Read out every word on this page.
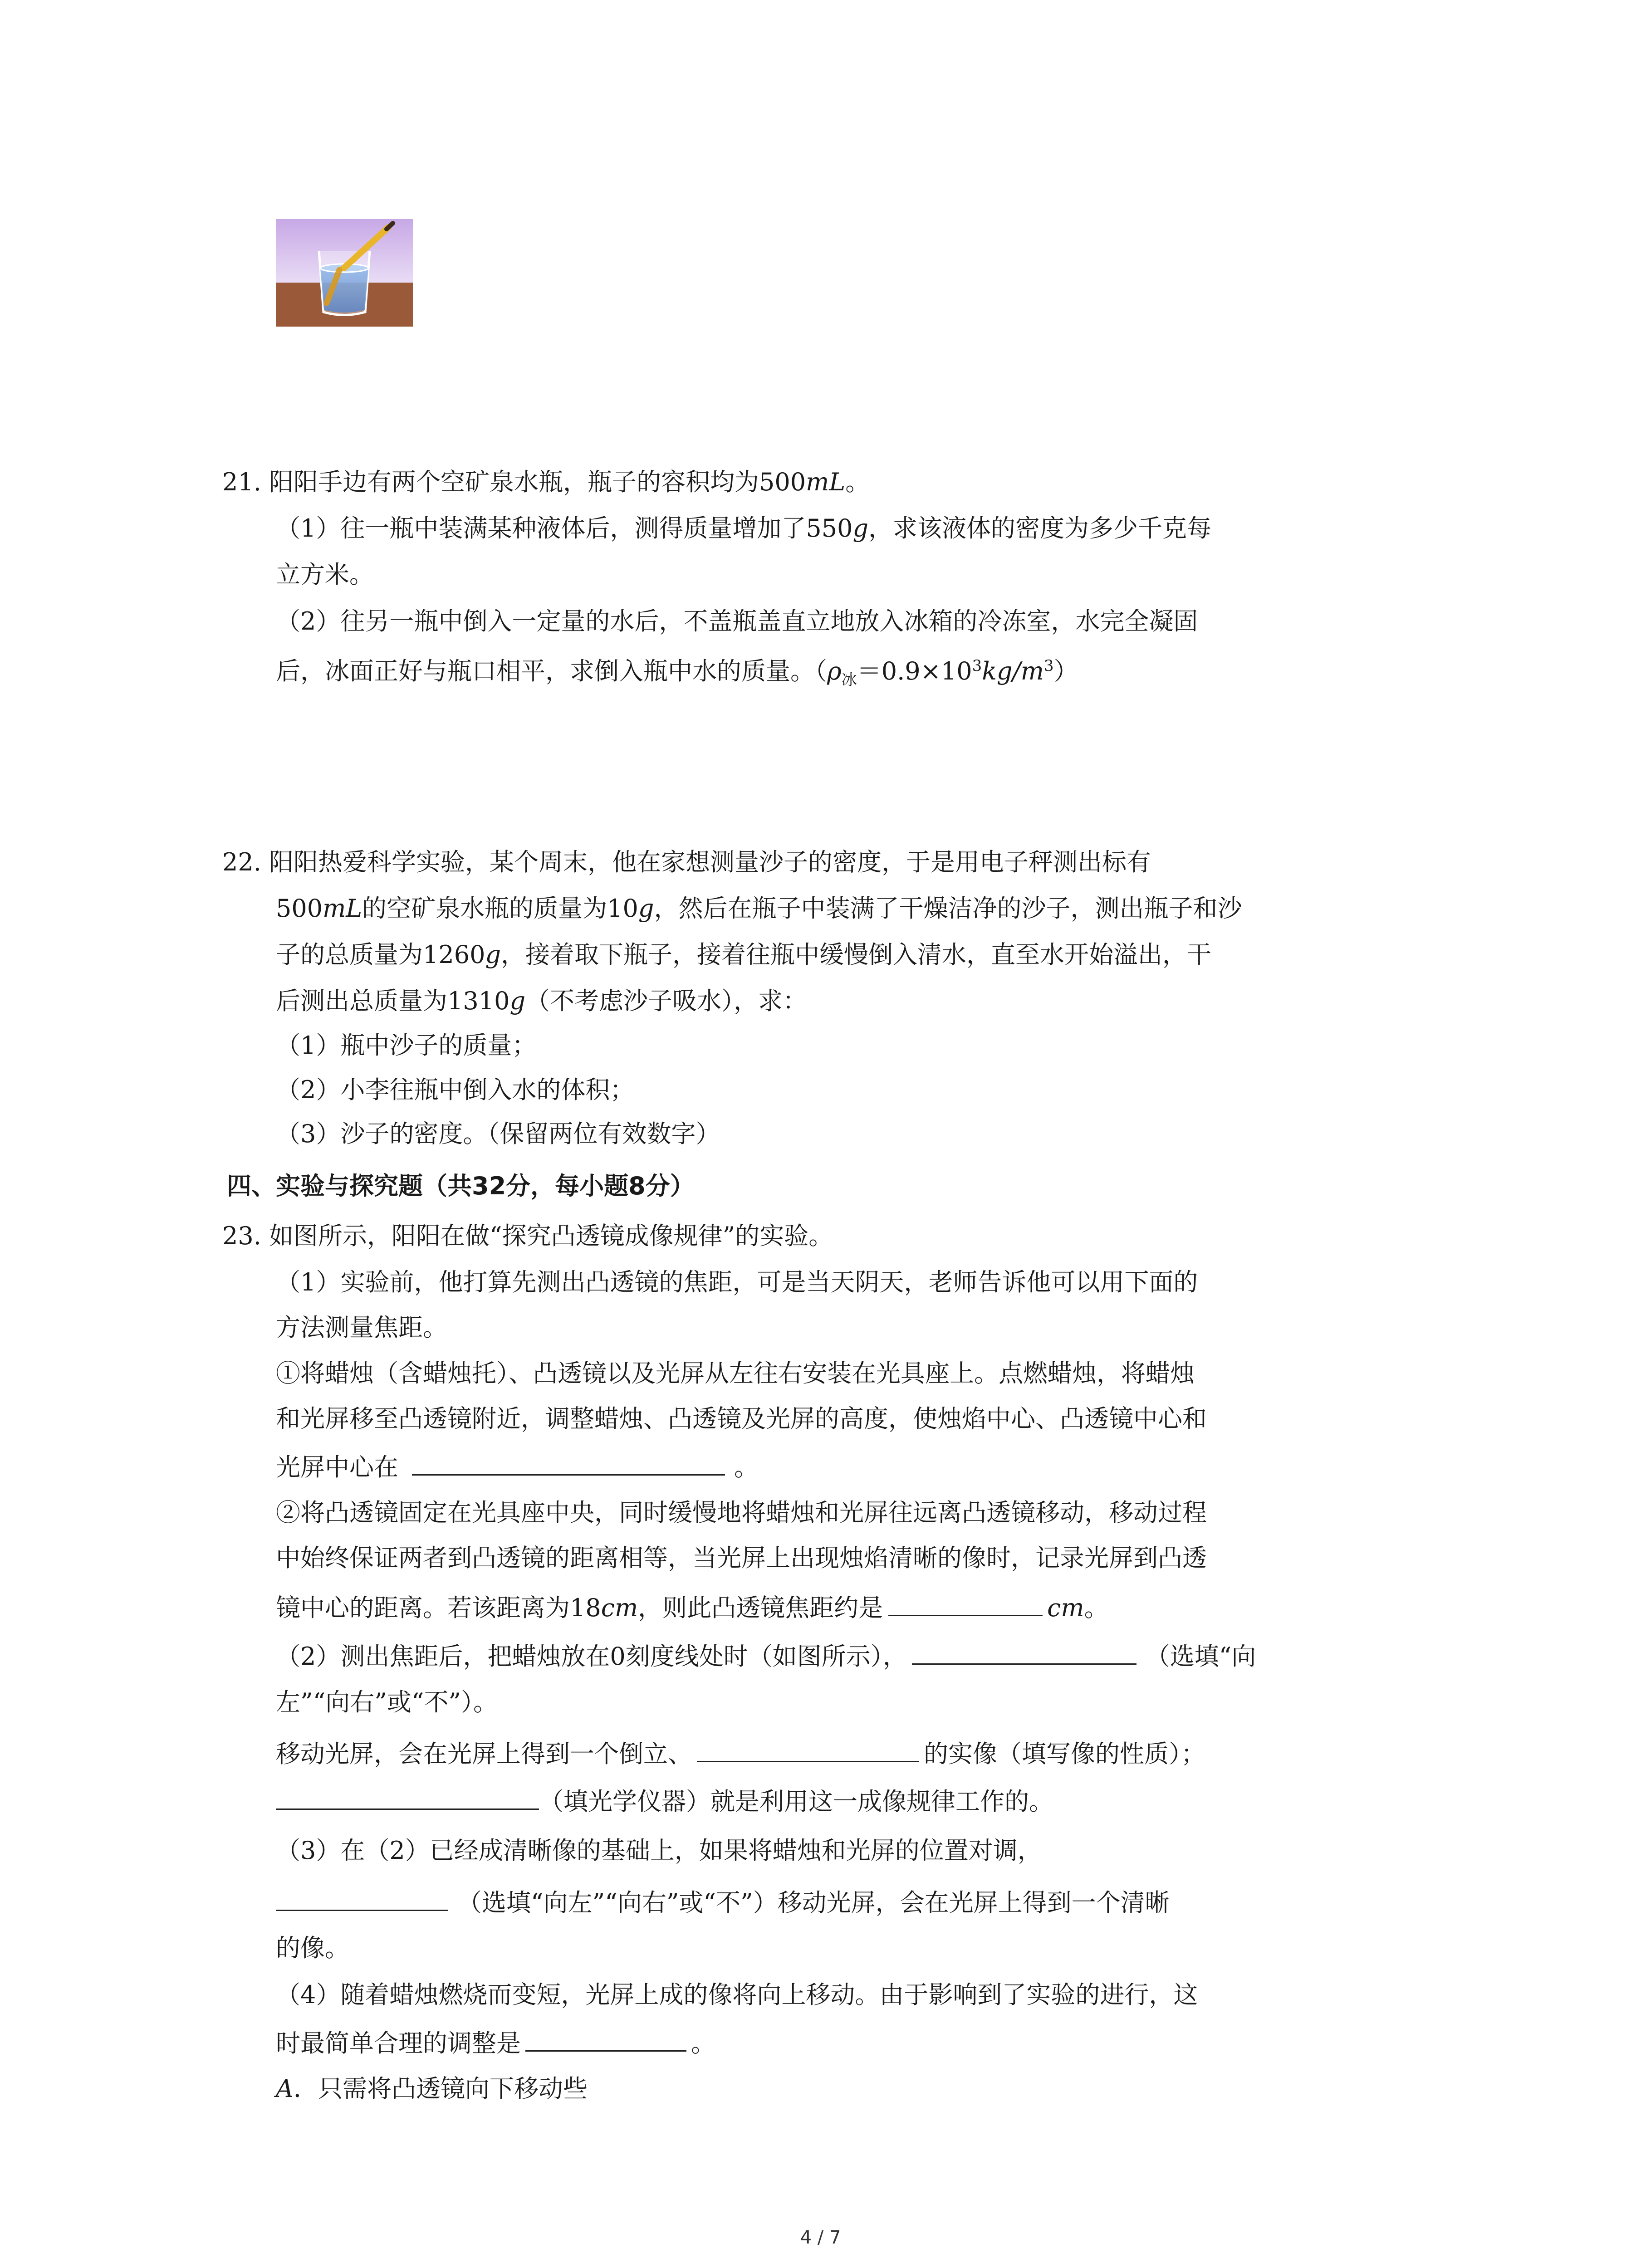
21. 阳阳手边有两个空矿泉水瓶，瓶子的容积均为500mL。
（1）往一瓶中装满某种液体后，测得质量增加了550g，求该液体的密度为多少千克每
立方米。
（2）往另一瓶中倒入一定量的水后，不盖瓶盖直立地放入冰箱的冷冻室，水完全凝固
后，冰面正好与瓶口相平，求倒入瓶中水的质量。$(\rho_冰=0.9\times 10^3kg/m^3)$
22. 阳阳热爱科学实验，某个周末，他在家想测量沙子的密度，于是用电子秤测出标有
500mL的空矿泉水瓶的质量为10g，然后在瓶子中装满了干燥洁净的沙子，测出瓶子和沙
子的总质量为1260g，接着取下瓶子，接着往瓶中缓慢倒入清水，直至水开始溢出，干
后测出总质量为1310g（不考虑沙子吸水），求：
（1）瓶中沙子的质量；
（2）小李往瓶中倒入水的体积；
（3）沙子的密度。（保留两位有效数字）
四、实验与探究题（共32分，每小题8分）
23. 如图所示，阳阳在做“探究凸透镜成像规律”的实验。
（1）实验前，他打算先测出凸透镜的焦距，可是当天阴天，老师告诉他可以用下面的
方法测量焦距。
①将蜡烛（含蜡烛托）、凸透镜以及光屏从左往右安装在光具座上。点燃蜡烛，将蜡烛
和光屏移至凸透镜附近，调整蜡烛、凸透镜及光屏的高度，使烛焰中心、凸透镜中心和
光屏中心在	。
②将凸透镜固定在光具座中央，同时缓慢地将蜡烛和光屏往远离凸透镜移动，移动过程
中始终保证两者到凸透镜的距离相等，当光屏上出现烛焰清晰的像时，记录光屏到凸透
镜中心的距离。若该距离为18cm，则此凸透镜焦距约是	cm。
（2）测出焦距后，把蜡烛放在0刻度线处时（如图所示），	（选填“向
左”“向右”或“不”）。
移动光屏，会在光屏上得到一个倒立、	的实像（填写像的性质）；
（填光学仪器）就是利用这一成像规律工作的。
（3）在（2）已经成清晰像的基础上，如果将蜡烛和光屏的位置对调，
（选填“向左”“向右”或“不”）移动光屏，会在光屏上得到一个清晰
的像。
（4）随着蜡烛燃烧而变短，光屏上成的像将向上移动。由于影响到了实验的进行，这
时最简单合理的调整是	。
A．只需将凸透镜向下移动些
4 / 7
